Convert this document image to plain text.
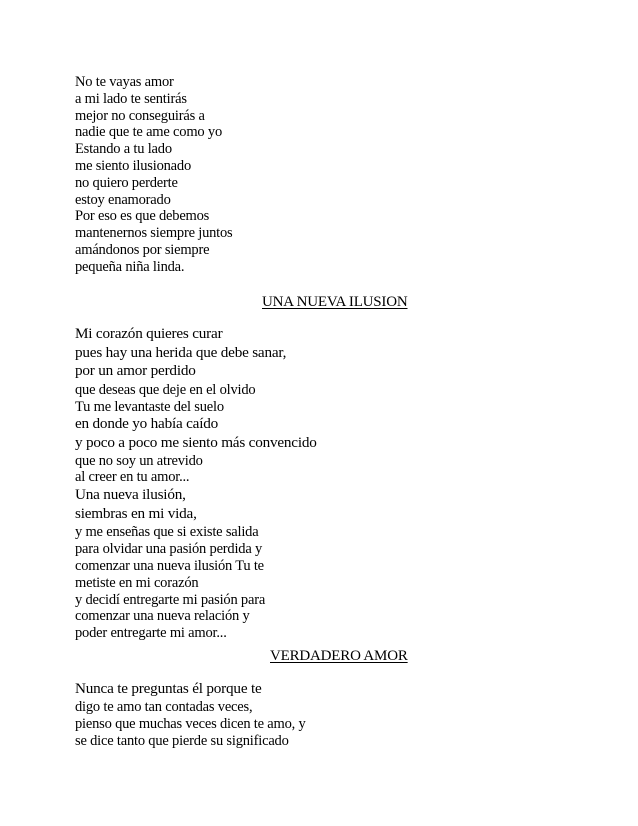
No te vayas amor
a mi lado te sentirás
mejor no conseguirás a
nadie que te ame como yo
Estando a tu lado
me siento ilusionado
no quiero perderte
estoy enamorado
Por eso es que debemos
mantenernos siempre juntos
amándonos por siempre
pequeña niña linda.
UNA NUEVA ILUSION
Mi corazón quieres curar
pues hay una herida que debe sanar,
por un amor perdido
que deseas que deje en el olvido
Tu me levantaste del suelo
en donde yo había caído
y poco a poco me siento más convencido
que no soy un atrevido
al creer en tu amor...
Una nueva ilusión,
siembras en mi vida,
y me enseñas que si existe salida
para olvidar una pasión perdida y
comenzar una nueva ilusión Tu te
metiste en mi corazón
y decidí entregarte mi pasión para
comenzar una nueva relación y
poder entregarte mi amor...
VERDADERO AMOR
Nunca te preguntas él porque te
digo te amo tan contadas veces,
pienso que muchas veces dicen te amo, y
se dice tanto que pierde su significado
